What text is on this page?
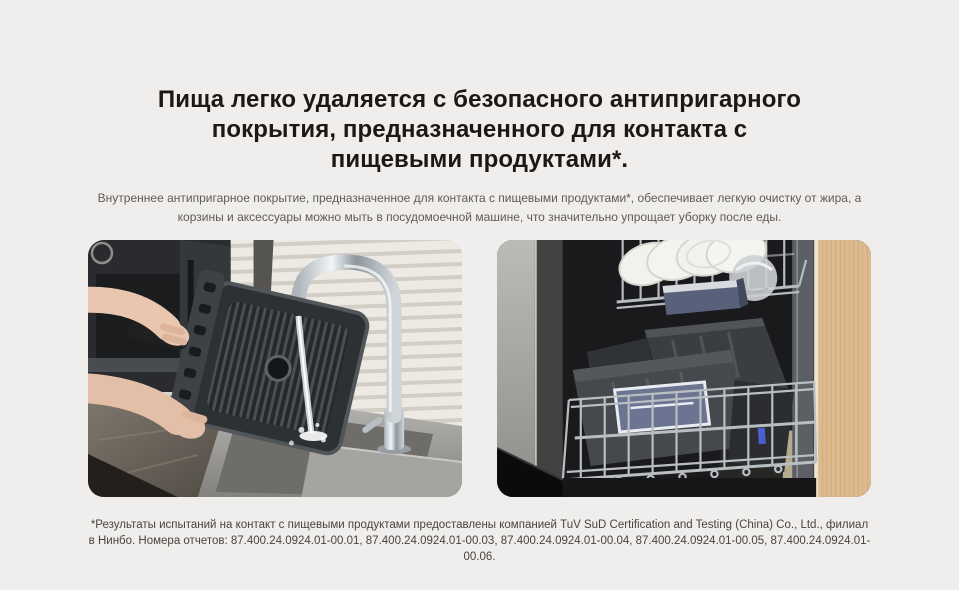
Пища легко удаляется с безопасного антипригарного
покрытия, предназначенного для контакта с
пищевыми продуктами*.

Внутреннее антипригарное покрытие, предназначенное для контакта с пищевыми продуктами*, обеспечивает легкую очистку от жира, а
корзины и аксессуары можно мыть в посудомоечной машине, что значительно упрощает уборку после еды.

*Результаты испытаний на контакт с пищевыми продуктами предоставлены компанией TuV SuD Certification and Testing (China) Co., Ltd., филиал
в Нинбо. Номера отчетов: 87.400.24.0924.01-00.01, 87.400.24.0924.01-00.03, 87.400.24.0924.01-00.04, 87.400.24.0924.01-00.05, 87.400.24.0924.01-
00.06.
